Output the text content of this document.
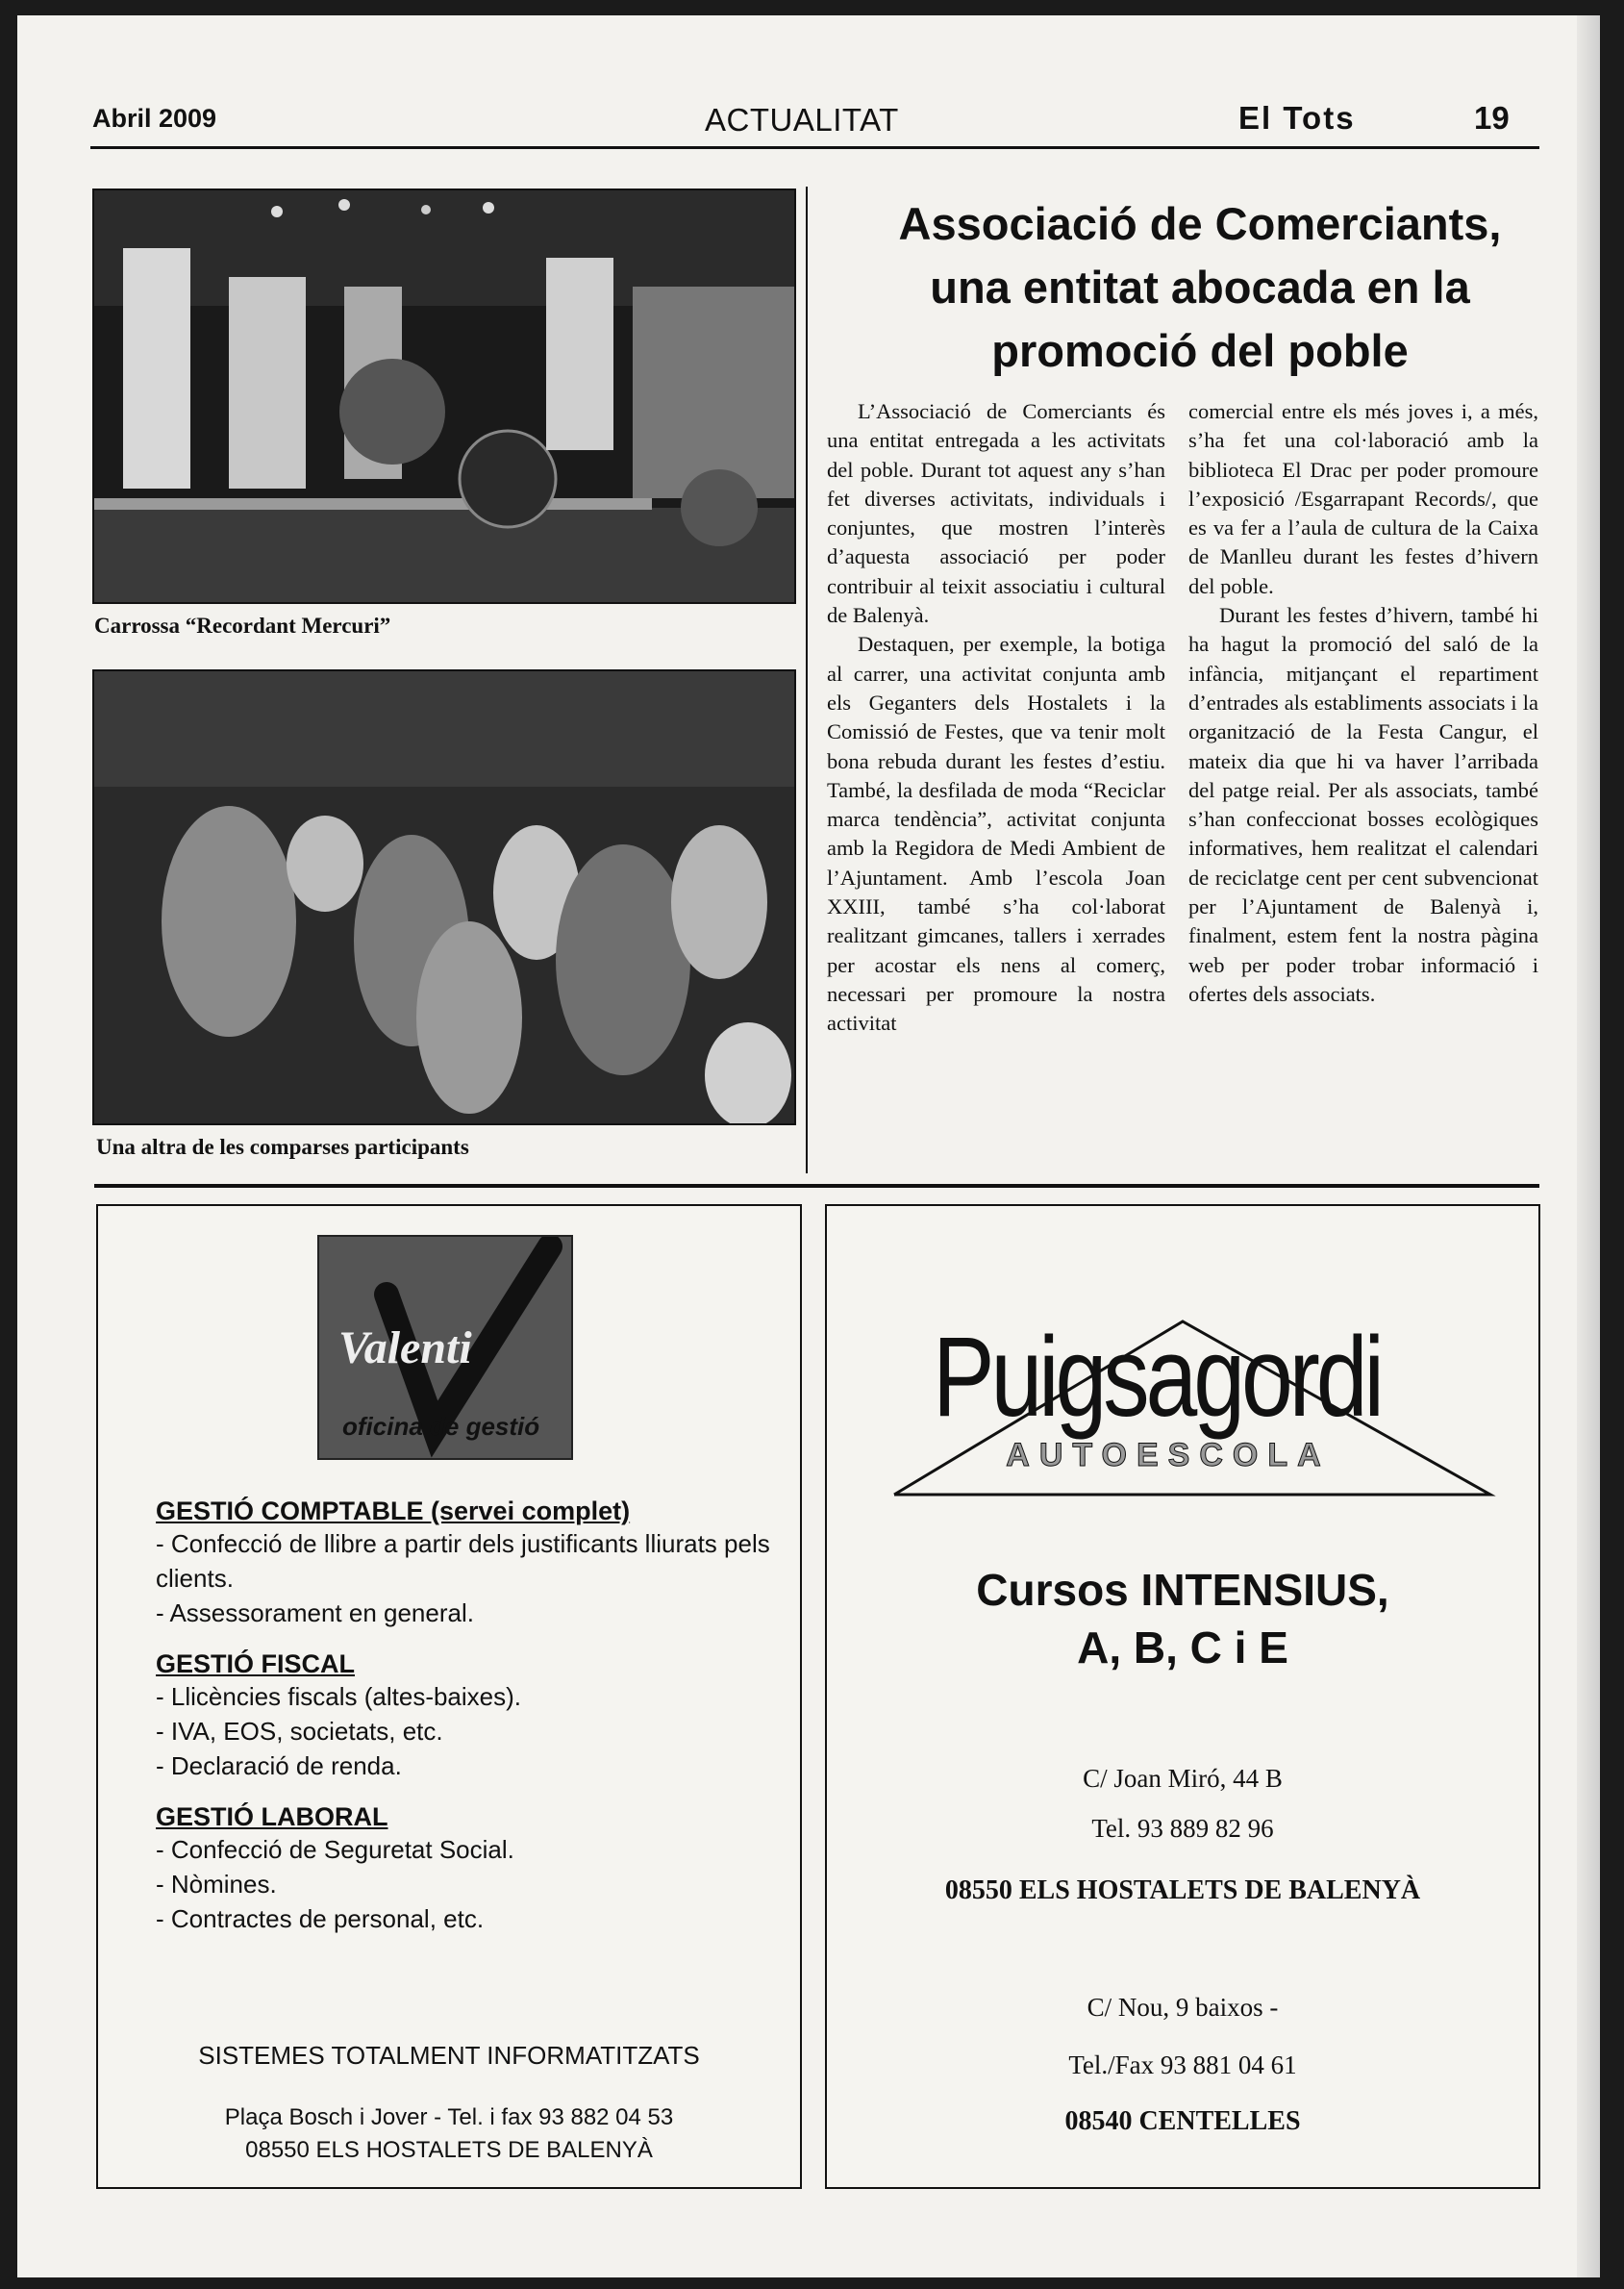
Abril 2009	ACTUALITAT	El Tots	19
Carrossa “Recordant Mercuri”
Una altra de les comparses participants
Associació de Comerciants,
una entitat abocada en la
promoció del poble

L’Associació de Comerciants és una entitat entregada a les activitats del poble. Durant tot aquest any s’han fet diverses activitats, individuals i conjuntes, que mostren l’interès d’aquesta associació per poder contribuir al teixit associatiu i cultural de Balenyà.

Destaquen, per exemple, la botiga al carrer, una activitat conjunta amb els Geganters dels Hostalets i la Comissió de Festes, que va tenir molt bona rebuda durant les festes d’estiu. També, la desfilada de moda “Reciclar marca tendència”, activitat conjunta amb la Regidora de Medi Ambient de l’Ajuntament. Amb l’escola Joan XXIII, també s’ha col·laborat realitzant gimcanes, tallers i xerrades per acostar els nens al comerç, necessari per promoure la nostra activitat

comercial entre els més joves i, a més, s’ha fet una col·laboració amb la biblioteca El Drac per poder promoure l’exposició /Esgarrapant Records/, que es va fer a l’aula de cultura de la Caixa de Manlleu durant les festes d’hivern del poble.

Durant les festes d’hivern, també hi ha hagut la promoció del saló de la infància, mitjançant el repartiment d’entrades als establiments associats i la organització de la Festa Cangur, el mateix dia que hi va haver l’arribada del patge reial. Per als associats, també s’han confeccionat bosses ecològiques informatives, hem realitzat el calendari de reciclatge cent per cent subvencionat per l’Ajuntament de Balenyà i, finalment, estem fent la nostra pàgina web per poder trobar informació i ofertes dels associats.

Valenti
oficina de gestió
GESTIÓ COMPTABLE (servei complet)
- Confecció de llibre a partir dels justificants lliurats pels clients.
- Assessorament en general.
GESTIÓ FISCAL
- Llicències fiscals (altes-baixes).
- IVA, EOS, societats, etc.
- Declaració de renda.
GESTIÓ LABORAL
- Confecció de Seguretat Social.
- Nòmines.
- Contractes de personal, etc.
SISTEMES TOTALMENT INFORMATITZATS
Plaça Bosch i Jover - Tel. i fax 93 882 04 53
08550 ELS HOSTALETS DE BALENYÀ
Puigsagordi
AUTOESCOLA
Cursos INTENSIUS,
A, B, C i E
C/ Joan Miró, 44 B
Tel. 93 889 82 96
08550 ELS HOSTALETS DE BALENYÀ
C/ Nou, 9 baixos -
Tel./Fax 93 881 04 61
08540 CENTELLES
